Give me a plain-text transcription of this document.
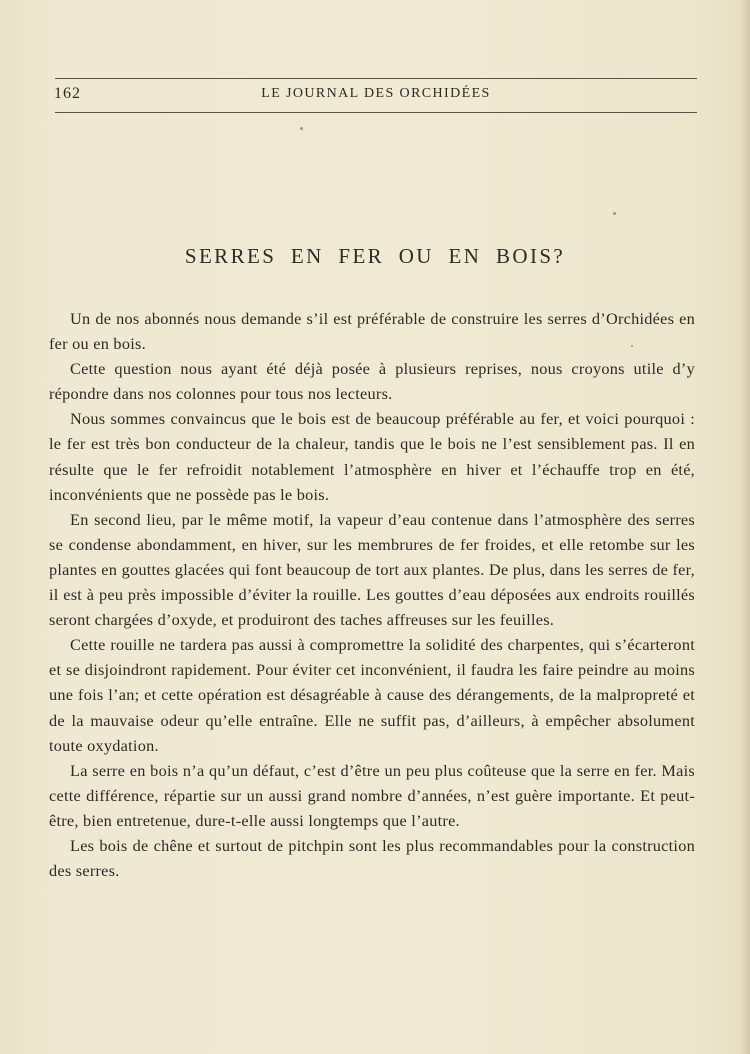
162	LE JOURNAL DES ORCHIDÉES
SERRES EN FER OU EN BOIS?

Un de nos abonnés nous demande s’il est préférable de construire les serres d’Orchidées en fer ou en bois.

Cette question nous ayant été déjà posée à plusieurs reprises, nous croyons utile d’y répondre dans nos colonnes pour tous nos lecteurs.

Nous sommes convaincus que le bois est de beaucoup préférable au fer, et voici pourquoi : le fer est très bon conducteur de la chaleur, tandis que le bois ne l’est sensiblement pas. Il en résulte que le fer refroidit notablement l’atmosphère en hiver et l’échauffe trop en été, inconvénients que ne possède pas le bois.

En second lieu, par le même motif, la vapeur d’eau contenue dans l’atmosphère des serres se condense abondamment, en hiver, sur les membrures de fer froides, et elle retombe sur les plantes en gouttes glacées qui font beaucoup de tort aux plantes. De plus, dans les serres de fer, il est à peu près impossible d’éviter la rouille. Les gouttes d’eau déposées aux endroits rouillés seront chargées d’oxyde, et produiront des taches affreuses sur les feuilles.

Cette rouille ne tardera pas aussi à compromettre la solidité des charpentes, qui s’écarteront et se disjoindront rapidement. Pour éviter cet inconvénient, il faudra les faire peindre au moins une fois l’an; et cette opération est désagréable à cause des dérangements, de la malpropreté et de la mauvaise odeur qu’elle entraîne. Elle ne suffit pas, d’ailleurs, à empêcher absolument toute oxydation.

La serre en bois n’a qu’un défaut, c’est d’être un peu plus coûteuse que la serre en fer. Mais cette différence, répartie sur un aussi grand nombre d’années, n’est guère importante. Et peut-être, bien entretenue, dure-t-elle aussi longtemps que l’autre.

Les bois de chêne et surtout de pitchpin sont les plus recommandables pour la construction des serres.
